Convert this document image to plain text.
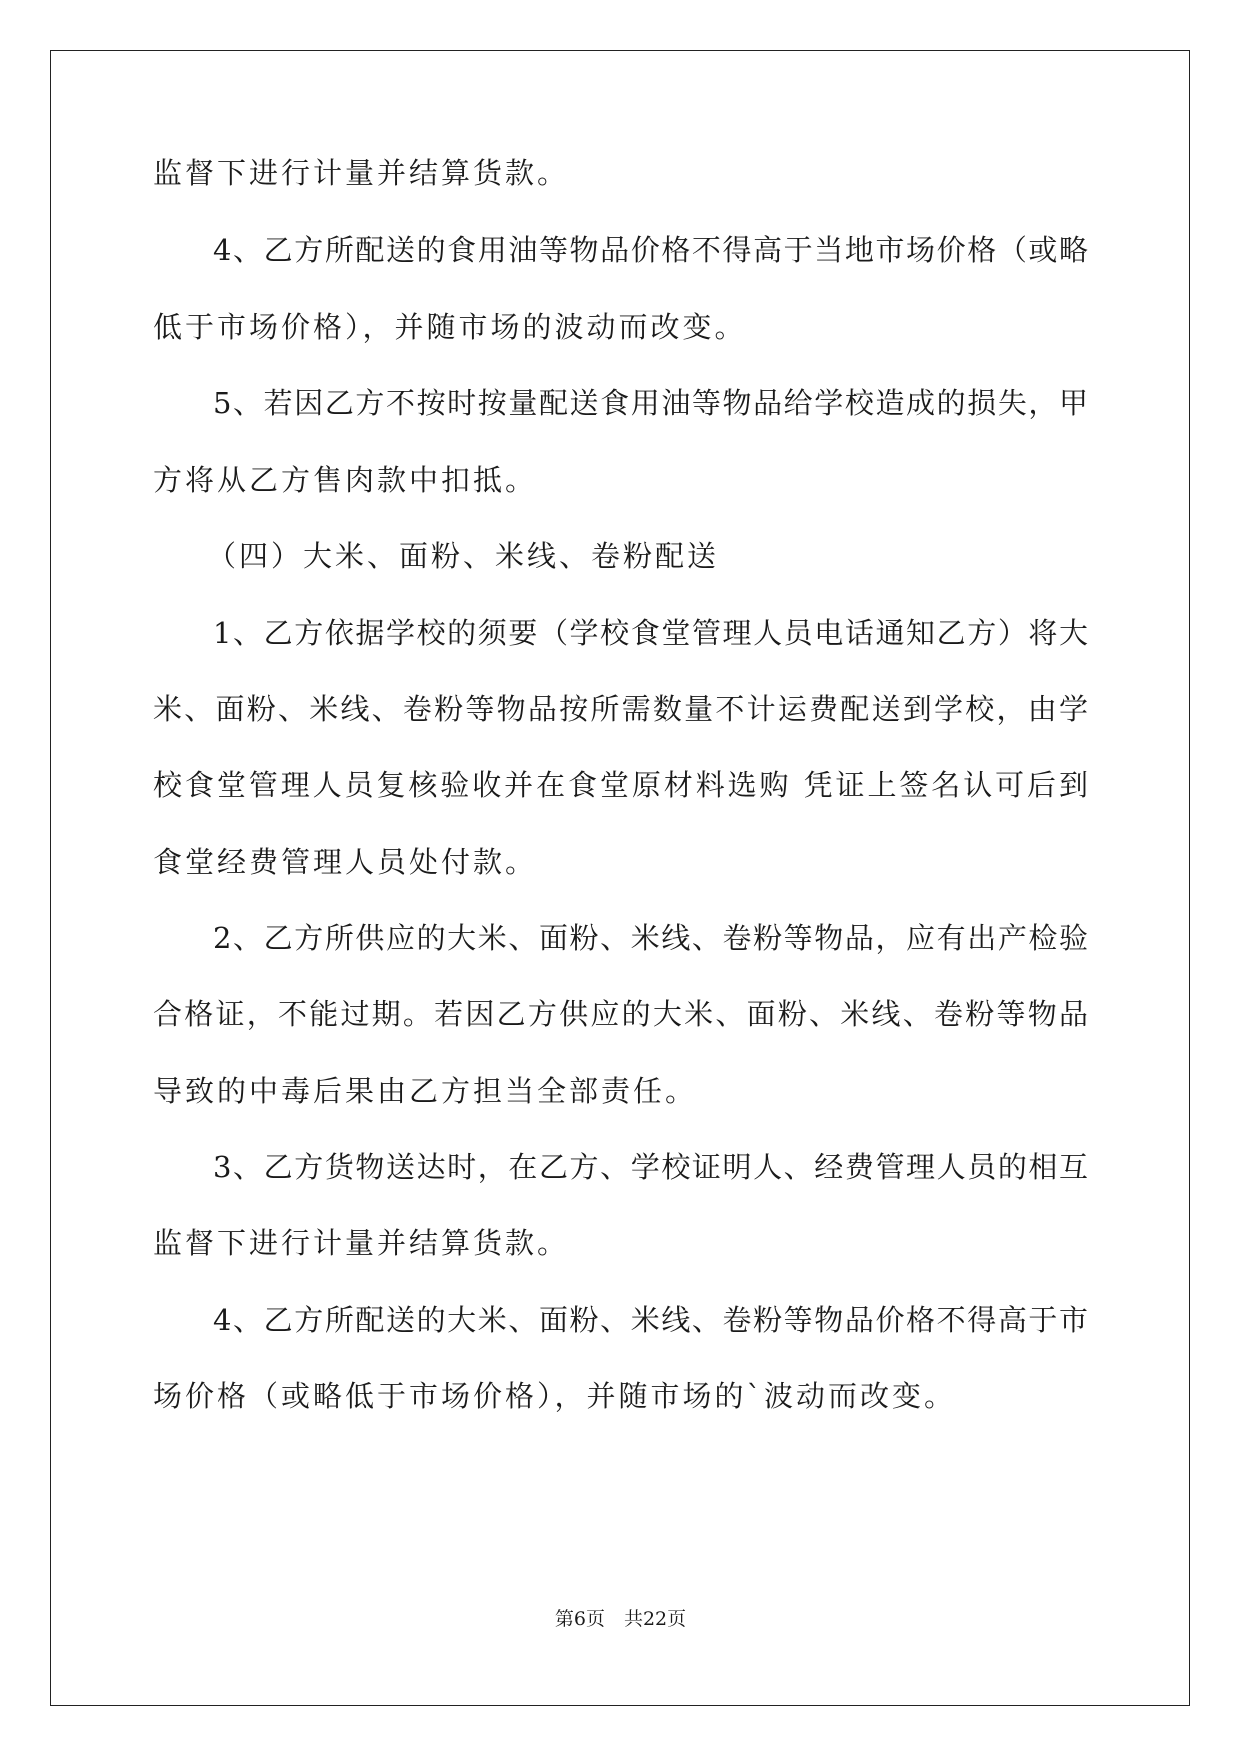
监督下进行计量并结算货款。
4、乙方所配送的食用油等物品价格不得高于当地市场价格（或略
低于市场价格），并随市场的波动而改变。
5、若因乙方不按时按量配送食用油等物品给学校造成的损失，甲
方将从乙方售肉款中扣抵。
（四）大米、面粉、米线、卷粉配送
1、乙方依据学校的须要（学校食堂管理人员电话通知乙方）将大
米、面粉、米线、卷粉等物品按所需数量不计运费配送到学校，由学
校食堂管理人员复核验收并在食堂原材料选购 凭证上签名认可后到
食堂经费管理人员处付款。
2、乙方所供应的大米、面粉、米线、卷粉等物品，应有出产检验
合格证，不能过期。若因乙方供应的大米、面粉、米线、卷粉等物品
导致的中毒后果由乙方担当全部责任。
3、乙方货物送达时，在乙方、学校证明人、经费管理人员的相互
监督下进行计量并结算货款。
4、乙方所配送的大米、面粉、米线、卷粉等物品价格不得高于市
场价格（或略低于市场价格），并随市场的`波动而改变。
第6页　共22页
